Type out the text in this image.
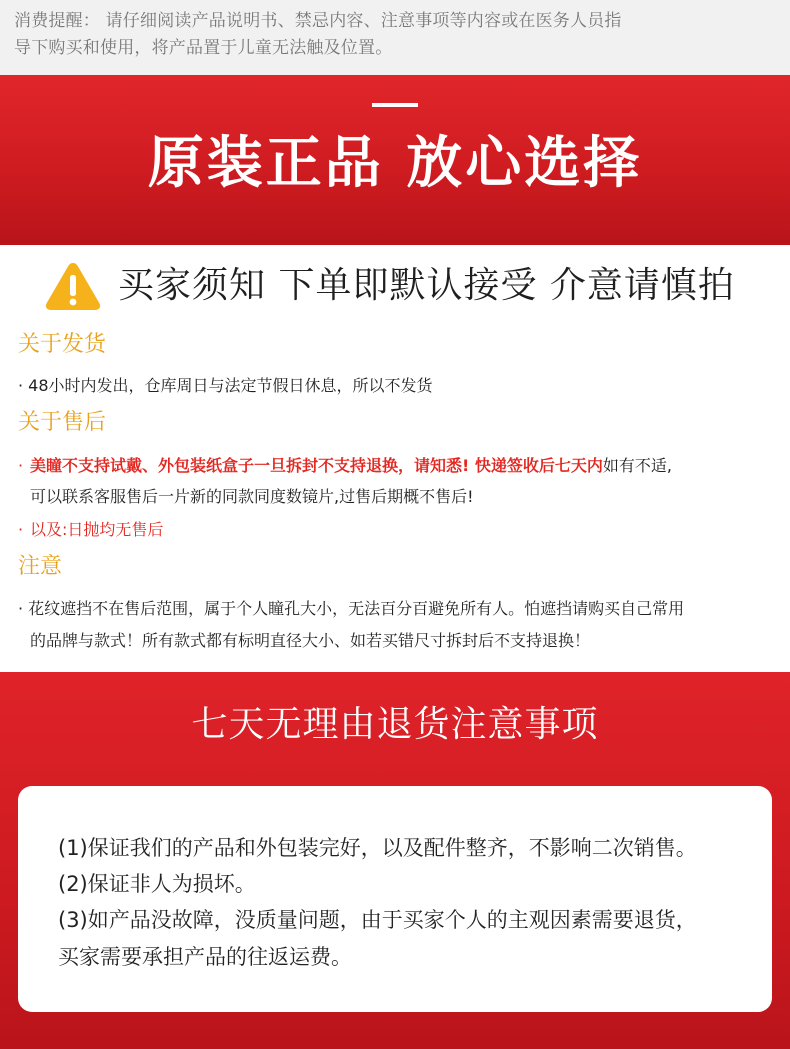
消费提醒： 请仔细阅读产品说明书、禁忌内容、注意事项等内容或在医务人员指
导下购买和使用，将产品置于儿童无法触及位置。
原装正品 放心选择
买家须知 下单即默认接受 介意请慎拍
关于发货
· 48小时内发出，仓库周日与法定节假日休息，所以不发货
关于售后
· 美瞳不支持试戴、外包装纸盒子一旦拆封不支持退换，请知悉! 快递签收后七天内如有不适,
可以联系客服售后一片新的同款同度数镜片,过售后期概不售后!
· 以及:日抛均无售后
注意
· 花纹遮挡不在售后范围，属于个人瞳孔大小，无法百分百避免所有人。怕遮挡请购买自己常用
的品牌与款式！所有款式都有标明直径大小、如若买错尺寸拆封后不支持退换！
七天无理由退货注意事项
(1)保证我们的产品和外包装完好，以及配件整齐，不影响二次销售。
(2)保证非人为损坏。
(3)如产品没故障，没质量问题，由于买家个人的主观因素需要退货，
买家需要承担产品的往返运费。
